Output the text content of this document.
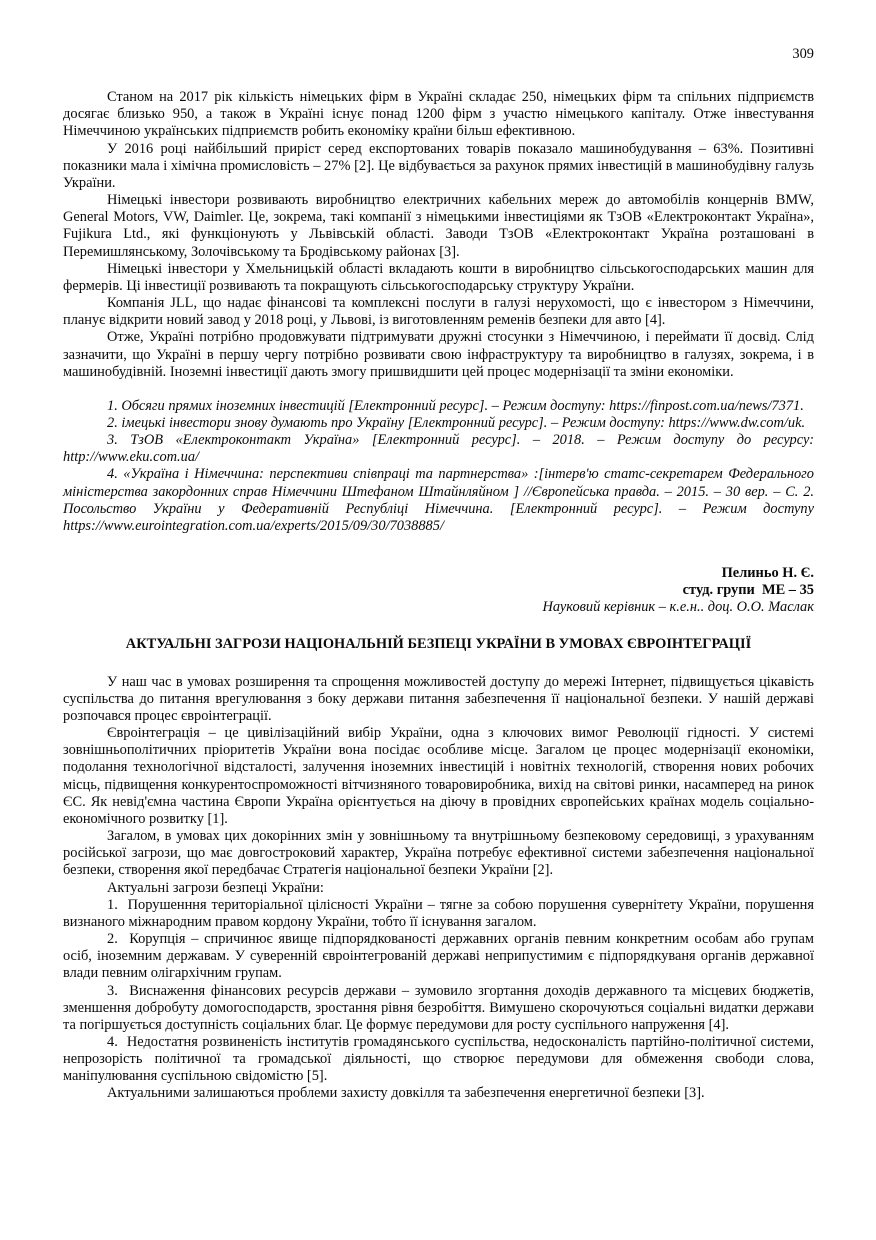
309

Станом на 2017 рік кількість німецьких фірм в Україні складає 250, німецьких фірм та спільних підприємств досягає близько 950, а також в Україні існує понад 1200 фірм з участю німецького капіталу. Отже інвестування Німеччиною українських підприємств робить економіку країни більш ефективною.

У 2016 році найбільший приріст серед експортованих товарів показало машинобудування – 63%. Позитивні показники мала і хімічна промисловість – 27% [2]. Це відбувається за рахунок прямих інвестицій в машинобудівну галузь України.

Німецькі інвестори розвивають виробництво електричних кабельних мереж до автомобілів концернів BMW, General Motors, VW, Daimler. Це, зокрема, такі компанії з німецькими інвестиціями як ТзОВ «Електроконтакт Україна», Fujikura Ltd., які функціонують у Львівській області. Заводи ТзОВ «Електроконтакт Україна розташовані в Перемишлянському, Золочівському та Бродівському районах [3].

Німецькі інвестори у Хмельницькій області вкладають кошти в виробництво сільськогосподарських машин для фермерів. Ці інвестиції розвивають та покращують сільськогосподарську структуру України.

Компанія JLL, що надає фінансові та комплексні послуги в галузі нерухомості, що є інвестором з Німеччини, планує відкрити новий завод у 2018 році, у Львові, із виготовленням ременів безпеки для авто [4].

Отже, Україні потрібно продовжувати підтримувати дружні стосунки з Німеччиною, і переймати її досвід. Слід зазначити, що Україні в першу чергу потрібно розвивати свою інфраструктуру та виробництво в галузях, зокрема, і в машинобудівній. Іноземні інвестиції дають змогу пришвидшити цей процес модернізації та зміни економіки.

1. Обсяги прямих іноземних інвестицій [Електронний ресурс]. – Режим доступу: https://finpost.com.ua/news/7371.

2. імецькі інвестори знову думають про Україну [Електронний ресурс]. – Режим доступу: https://www.dw.com/uk.

3. ТзОВ «Електроконтакт Україна» [Електронний ресурс]. – 2018. – Режим доступу до ресурсу: http://www.eku.com.ua/

4. «Україна і Німеччина: перспективи співпраці та партнерства» :[інтерв'ю статс-секретарем Федерального міністерства закордонних справ Німеччини Штефаном Штайнляйном ] //Європейська правда. – 2015. – 30 вер. – С. 2. Посольство України у Федеративній Республіці Німеччина. [Електронний ресурс]. – Режим доступу https://www.eurointegration.com.ua/experts/2015/09/30/7038885/

Пелиньо Н. Є.
студ. групи  МЕ – 35
Науковий керівник – к.е.н.. доц. О.О. Маслак

АКТУАЛЬНІ ЗАГРОЗИ НАЦІОНАЛЬНІЙ БЕЗПЕЦІ УКРАЇНИ В УМОВАХ ЄВРОІНТЕГРАЦІЇ

У наш час в умовах розширення та спрощення можливостей доступу до мережі Інтернет, підвищується цікавість суспільства до питання врегулювання з боку держави питання забезпечення її національної безпеки. У нашій державі розпочався процес євроінтеграції.

Євроінтеграція – це цивілізаційний вибір України, одна з ключових вимог Революції гідності. У системі зовнішньополітичних пріоритетів України вона посідає особливе місце. Загалом це процес модернізації економіки, подолання технологічної відсталості, залучення іноземних інвестицій і новітніх технологій, створення нових робочих місць, підвищення конкурентоспроможності вітчизняного товаровиробника, вихід на світові ринки, насамперед на ринок ЄС. Як невід'ємна частина Європи Україна орієнтується на діючу в провідних європейських країнах модель соціально-економічного розвитку [1].

Загалом, в умовах цих докорінних змін у зовнішньому та внутрішньому безпековому середовищі, з урахуванням російської загрози, що має довгостроковий характер, Україна потребує ефективної системи забезпечення національної безпеки, створення якої передбачає Стратегія національної безпеки України [2].

Актуальні загрози безпеці України:

1.  Порушенння територіальної цілісності України – тягне за собою порушення сувернітету України, порушення визнаного міжнародним правом кордону України, тобто її існування загалом.

2.  Корупція – спричинює явище підпорядкованості державних органів певним конкретним особам або групам осіб, іноземним державам. У суверенній євроінтегрованій державі неприпустимим є підпорядкуваня органів державної влади певним олігархічним групам.

3.  Виснаження фінансових ресурсів держави – зумовило згортання доходів державного та місцевих бюджетів, зменшення добробуту домогосподарств, зростання рівня безробіття. Вимушено скорочуються соціальні видатки держави та погіршується доступність соціальних благ. Це формує передумови для росту суспільного напруження [4].

4.  Недостатня розвиненість інститутів громадянського суспільства, недосконалість партійно-політичної системи, непрозорість політичної та громадської діяльності, що створює передумови для обмеження свободи слова, маніпулювання суспільною свідомістю [5].

Актуальними залишаються проблеми захисту довкілля та забезпечення енергетичної безпеки [3].
